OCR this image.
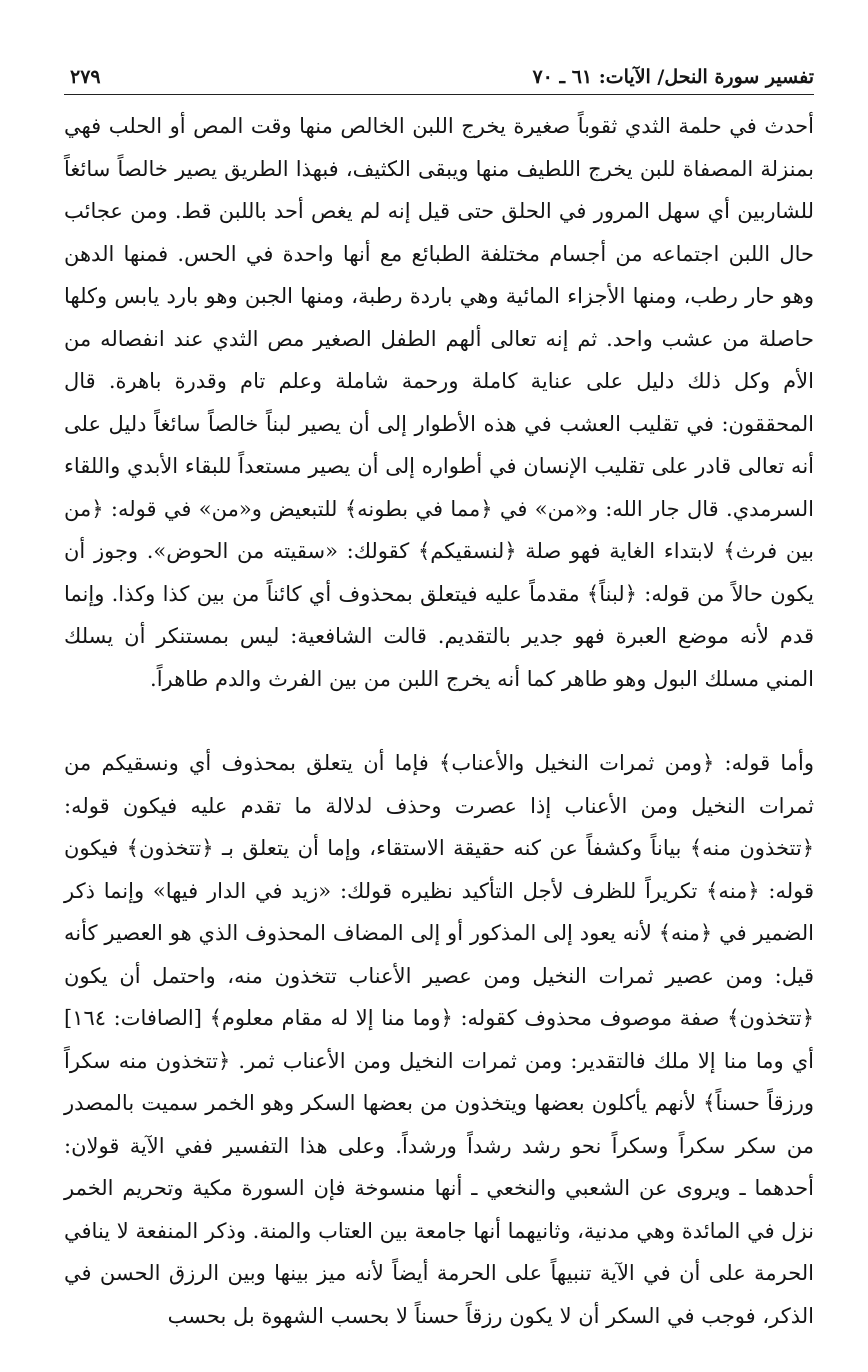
تفسير سورة النحل/ الآيات: ٦١ ـ ٧٠
٢٧٩

أحدث في حلمة الثدي ثقوباً صغيرة يخرج اللبن الخالص منها وقت المص أو الحلب فهي بمنزلة المصفاة للبن يخرج اللطيف منها ويبقى الكثيف، فبهذا الطريق يصير خالصاً سائغاً للشاربين أي سهل المرور في الحلق حتى قيل إنه لم يغص أحد باللبن قط. ومن عجائب حال اللبن اجتماعه من أجسام مختلفة الطبائع مع أنها واحدة في الحس. فمنها الدهن وهو حار رطب، ومنها الأجزاء المائية وهي باردة رطبة، ومنها الجبن وهو بارد يابس وكلها حاصلة من عشب واحد. ثم إنه تعالى ألهم الطفل الصغير مص الثدي عند انفصاله من الأم وكل ذلك دليل على عناية كاملة ورحمة شاملة وعلم تام وقدرة باهرة. قال المحققون: في تقليب العشب في هذه الأطوار إلى أن يصير لبناً خالصاً سائغاً دليل على أنه تعالى قادر على تقليب الإنسان في أطواره إلى أن يصير مستعداً للبقاء الأبدي واللقاء السرمدي. قال جار الله: و«من» في ﴿مما في بطونه﴾ للتبعيض و«من» في قوله: ﴿من بين فرث﴾ لابتداء الغاية فهو صلة ﴿لنسقيكم﴾ كقولك: «سقيته من الحوض». وجوز أن يكون حالاً من قوله: ﴿لبناً﴾ مقدماً عليه فيتعلق بمحذوف أي كائناً من بين كذا وكذا. وإنما قدم لأنه موضع العبرة فهو جدير بالتقديم. قالت الشافعية: ليس بمستنكر أن يسلك المني مسلك البول وهو طاهر كما أنه يخرج اللبن من بين الفرث والدم طاهراً.

وأما قوله: ﴿ومن ثمرات النخيل والأعناب﴾ فإما أن يتعلق بمحذوف أي ونسقيكم من ثمرات النخيل ومن الأعناب إذا عصرت وحذف لدلالة ما تقدم عليه فيكون قوله: ﴿تتخذون منه﴾ بياناً وكشفاً عن كنه حقيقة الاستقاء، وإما أن يتعلق بـ ﴿تتخذون﴾ فيكون قوله: ﴿منه﴾ تكريراً للظرف لأجل التأكيد نظيره قولك: «زيد في الدار فيها» وإنما ذكر الضمير في ﴿منه﴾ لأنه يعود إلى المذكور أو إلى المضاف المحذوف الذي هو العصير كأنه قيل: ومن عصير ثمرات النخيل ومن عصير الأعناب تتخذون منه، واحتمل أن يكون ﴿تتخذون﴾ صفة موصوف محذوف كقوله: ﴿وما منا إلا له مقام معلوم﴾ [الصافات: ١٦٤] أي وما منا إلا ملك فالتقدير: ومن ثمرات النخيل ومن الأعناب ثمر. ﴿تتخذون منه سكراً ورزقاً حسناً﴾ لأنهم يأكلون بعضها ويتخذون من بعضها السكر وهو الخمر سميت بالمصدر من سكر سكراً وسكراً نحو رشد رشداً ورشداً. وعلى هذا التفسير ففي الآية قولان: أحدهما ـ ويروى عن الشعبي والنخعي ـ أنها منسوخة فإن السورة مكية وتحريم الخمر نزل في المائدة وهي مدنية، وثانيهما أنها جامعة بين العتاب والمنة. وذكر المنفعة لا ينافي الحرمة على أن في الآية تنبيهاً على الحرمة أيضاً لأنه ميز بينها وبين الرزق الحسن في الذكر، فوجب في السكر أن لا يكون رزقاً حسناً لا بحسب الشهوة بل بحسب
